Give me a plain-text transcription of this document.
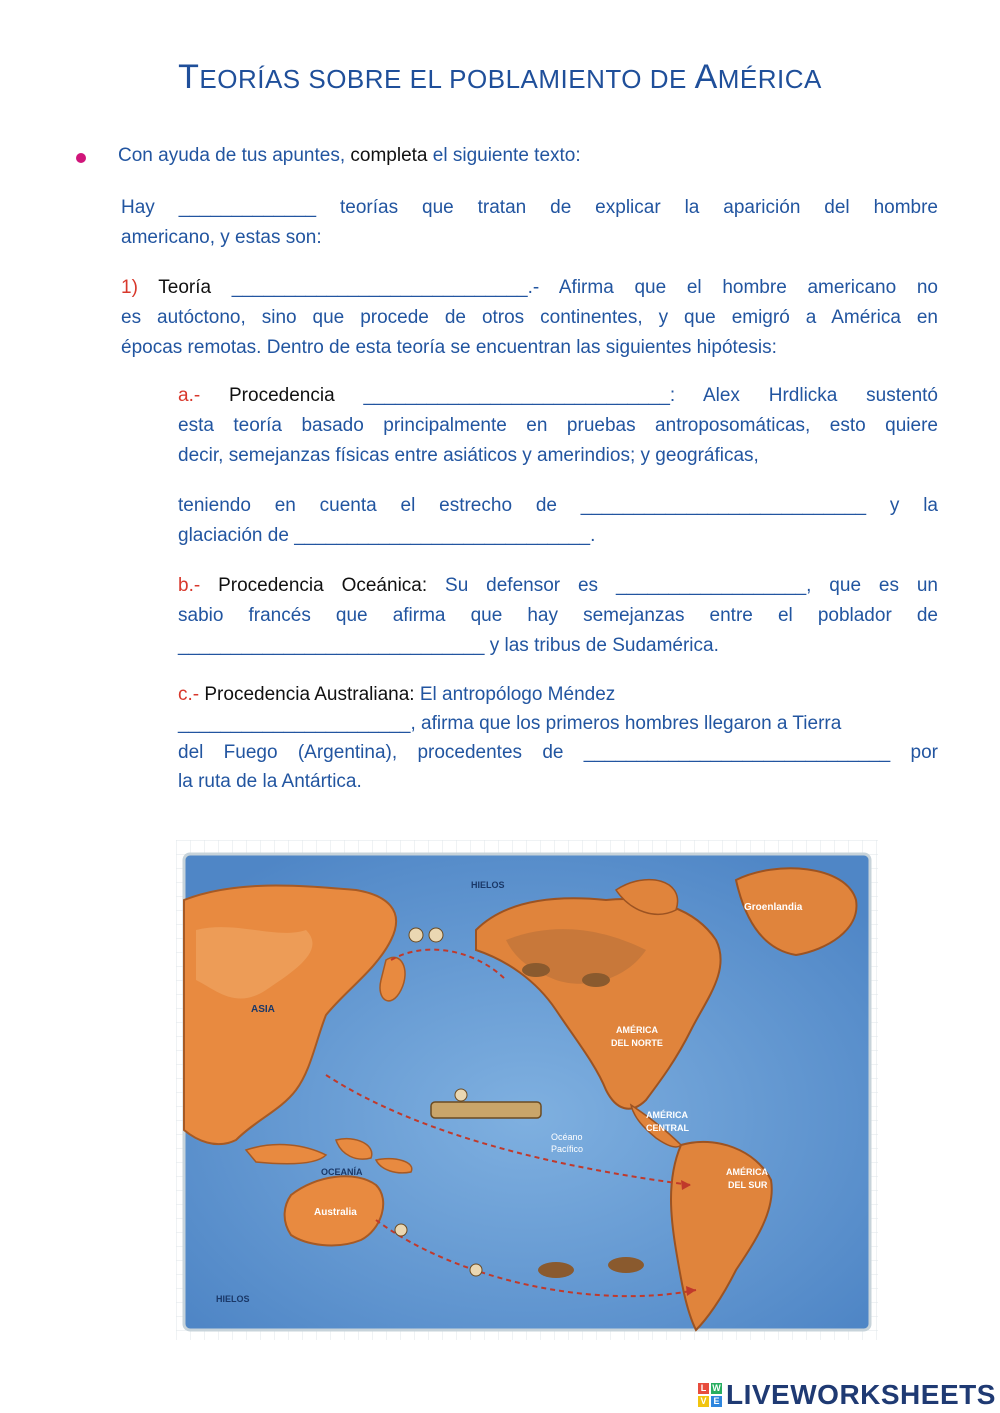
TEORÍAS SOBRE EL POBLAMIENTO DE AMÉRICA
Con ayuda de tus apuntes, completa el siguiente texto:
Hay _____________ teorías que tratan de explicar la aparición del hombre
americano, y estas son:
1) Teoría ____________________________.- Afirma que el hombre americano no
es autóctono, sino que procede de otros continentes, y que emigró a América en
épocas remotas. Dentro de esta teoría se encuentran las siguientes hipótesis:
a.- Procedencia _____________________________: Alex Hrdlicka sustentó
esta teoría basado principalmente en pruebas antroposomáticas, esto quiere
decir, semejanzas físicas entre asiáticos y amerindios; y geográficas,
teniendo en cuenta el estrecho de ___________________________ y la
glaciación de ____________________________.
b.- Procedencia Oceánica: Su defensor es __________________, que es un
sabio francés que afirma que hay semejanzas entre el poblador de
_____________________________ y las tribus de Sudamérica.
c.- Procedencia Australiana: El antropólogo Méndez
______________________, afirma que los primeros hombres llegaron a Tierra
del Fuego (Argentina), procedentes de _____________________________ por
la ruta de la Antártica.
HIELOS
Groenlandia
ASIA
AMÉRICA
DEL NORTE
AMÉRICA
CENTRAL
Océano
Pacífico
OCEANÍA
Australia
AMÉRICA
DEL SUR
HIELOS
L W
V E LIVEWORKSHEETS
